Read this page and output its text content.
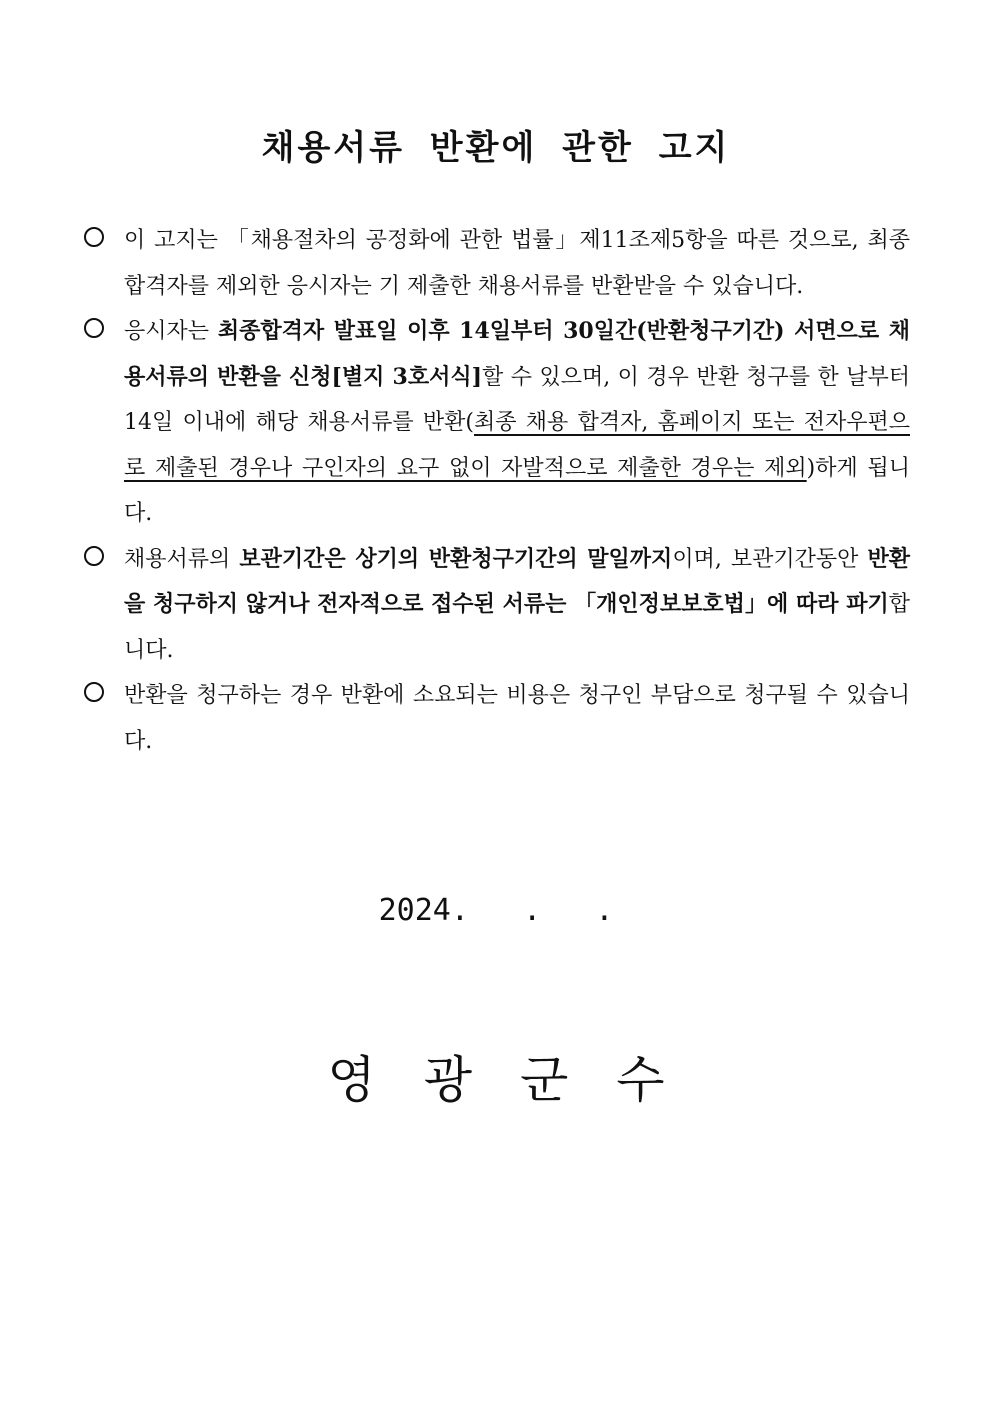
채용서류 반환에 관한 고지
이 고지는 「채용절차의 공정화에 관한 법률」제11조제5항을 따른 것으로, 최종합격자를 제외한 응시자는 기 제출한 채용서류를 반환받을 수 있습니다.
응시자는 최종합격자 발표일 이후 14일부터 30일간(반환청구기간) 서면으로 채용서류의 반환을 신청[별지 3호서식]할 수 있으며, 이 경우 반환 청구를 한 날부터 14일 이내에 해당 채용서류를 반환(최종 채용 합격자, 홈페이지 또는 전자우편으로 제출된 경우나 구인자의 요구 없이 자발적으로 제출한 경우는 제외)하게 됩니다.
채용서류의 보관기간은 상기의 반환청구기간의 말일까지이며, 보관기간동안 반환을 청구하지 않거나 전자적으로 접수된 서류는 「개인정보보호법」에 따라 파기합니다.
반환을 청구하는 경우 반환에 소요되는 비용은 청구인 부담으로 청구될 수 있습니다.
2024.   .   .
영광군수
